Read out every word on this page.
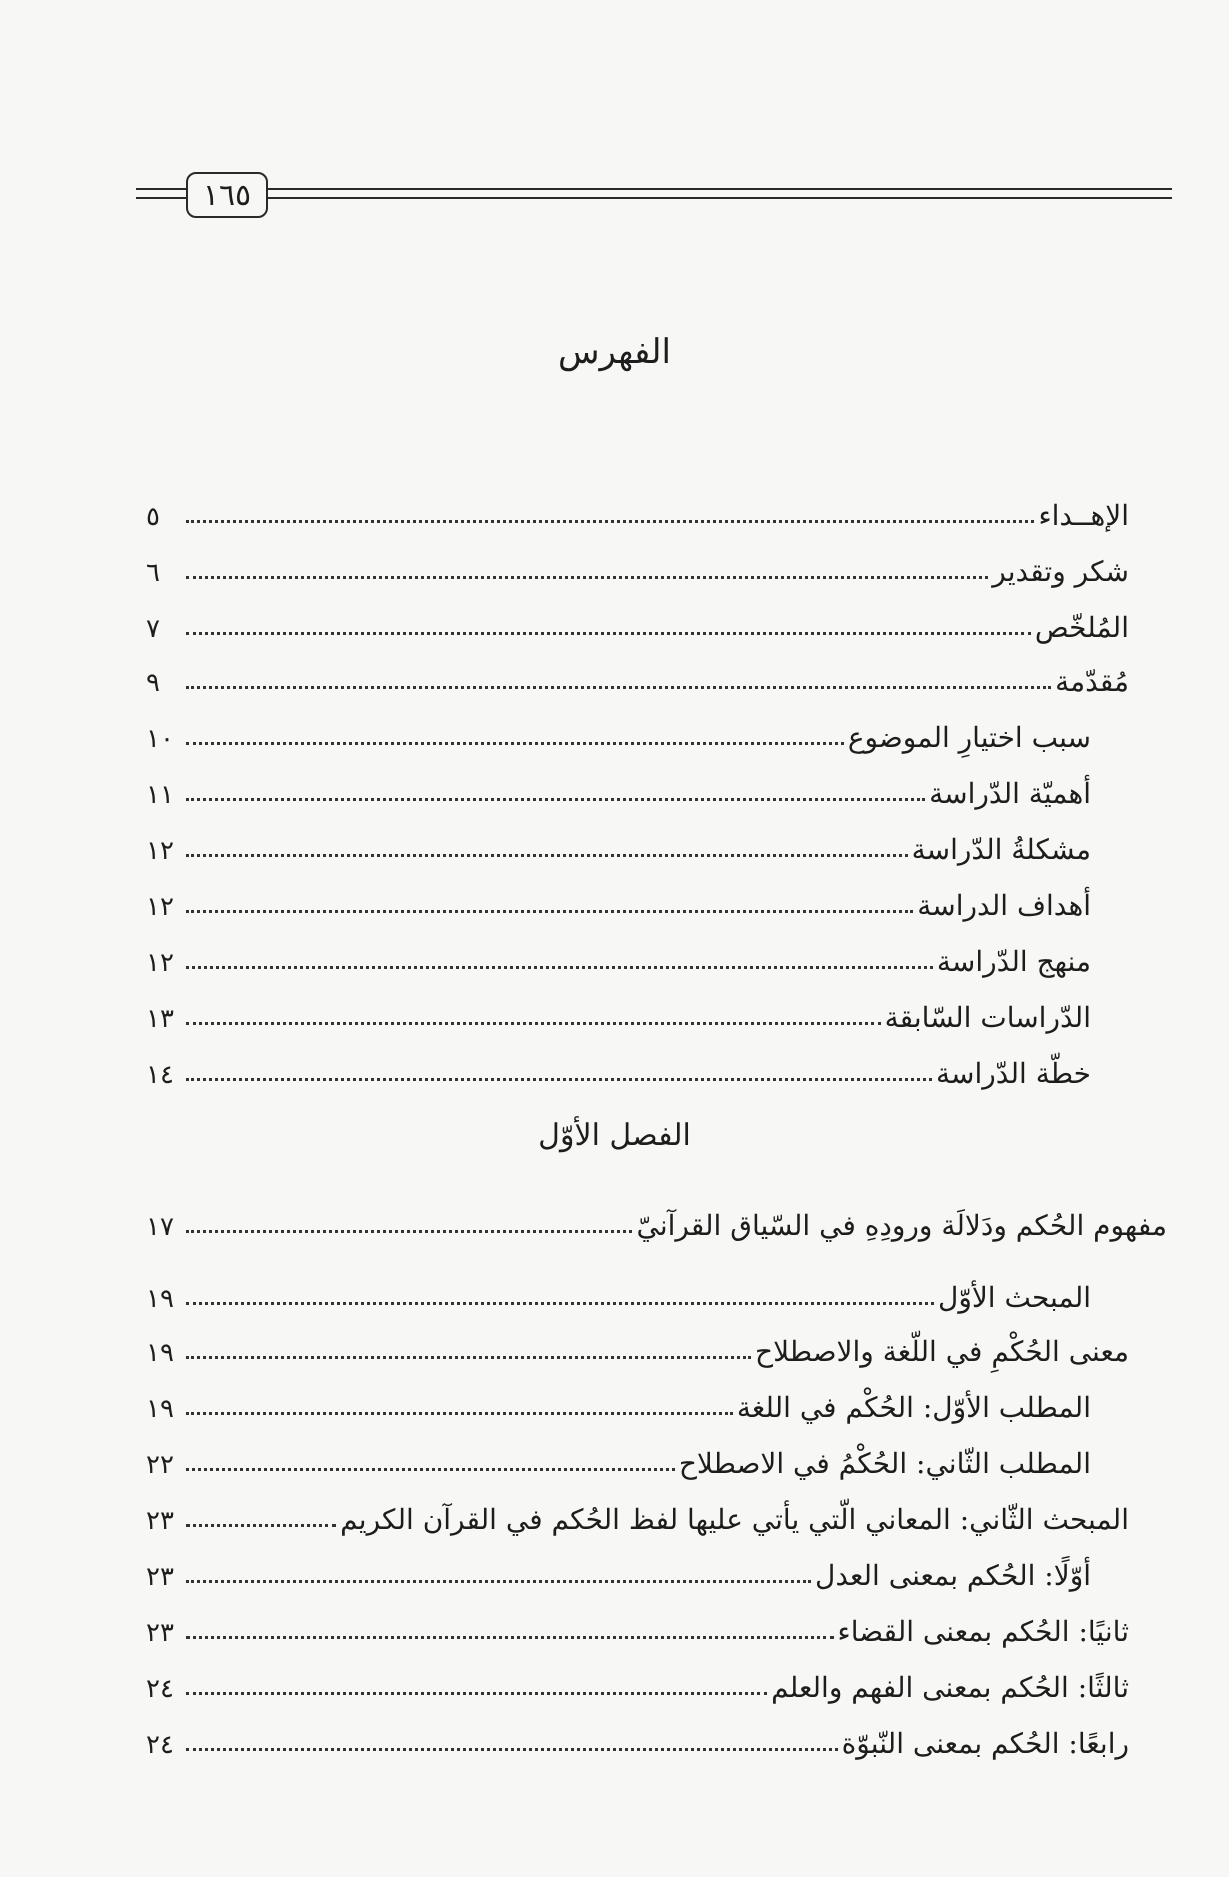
١٦٥
الفهرس
الفصل الأوّل
الإهــداء
٥
شكر وتقدير
٦
المُلخّص
٧
مُقدّمة
٩
سبب اختيارِ الموضوع
١٠
أهميّة الدّراسة
١١
مشكلةُ الدّراسة
١٢
أهداف الدراسة
١٢
منهج الدّراسة
١٢
الدّراسات السّابقة
١٣
خطّة الدّراسة
١٤
مفهوم الحُكم ودَلالَة ورودِهِ في السّياق القرآنيّ
١٧
المبحث الأوّل
١٩
معنى الحُكْمِ في اللّغة والاصطلاح
١٩
المطلب الأوّل: الحُكْم في اللغة
١٩
المطلب الثّاني: الحُكْمُ في الاصطلاح
٢٢
المبحث الثّاني: المعاني الّتي يأتي عليها لفظ الحُكم في القرآن الكريم
٢٣
أوّلًا: الحُكم بمعنى العدل
٢٣
ثانيًا: الحُكم بمعنى القضاء
٢٣
ثالثًا: الحُكم بمعنى الفهم والعلم
٢٤
رابعًا: الحُكم بمعنى النّبوّة
٢٤
